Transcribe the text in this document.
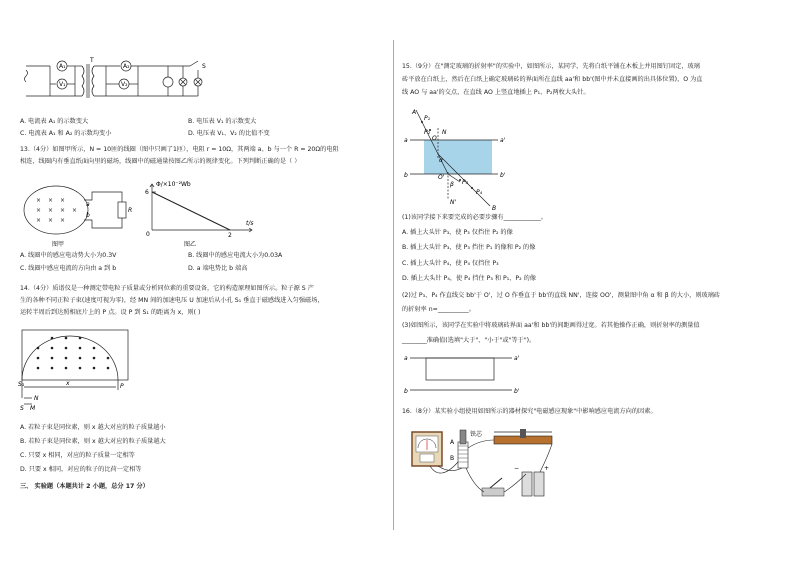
A₁
V₁
T
A₂
V₂
S
A. 电流表 A₁ 的示数变大	B. 电压表 V₁ 的示数变大
C. 电流表 A₁ 和 A₂ 的示数均变小	D. 电压表 V₁、V₂ 的比值不变
13.（4分）如图甲所示，N = 10匝的线圈（图中只画了1匝），电阻 r = 10Ω，其两端 a、b 与一个 R = 20Ω的电阻
相连，线圈内有垂直纸面向里的磁场，线圈中的磁通量按图乙所示的规律变化。下列判断正确的是（ ）
× × ×
× × ×
× × ×
×
a
b
R
图甲
Φ/×10⁻²Wb
6
0	2
t/s
图乙
A. 线圈中的感应电动势大小为0.3V	B. 线圈中的感应电流大小为0.03A
C. 线圈中感应电流的方向由 a 到 b	D. a 端电势比 b 端高
14.（4分）质谱仪是一种测定带电粒子质量或分析同位素的重要设备，它的构造原理如图所示。粒子源 S 产
生的各种不同正粒子束(速度可视为零)，经 MN 间的加速电压 U 加速后从小孔 S₁ 垂直于磁感线进入匀强磁场，
运转半周后到达照相底片上的 P 点。设 P 到 S₁ 的距离为 x，则( )
S₁	x	P
N
S M
A. 若粒子束是同位素，则 x 越大对应的粒子质量越小
B. 若粒子束是同位素，则 x 越大对应的粒子质量越大
C. 只要 x 相同，对应的粒子质量一定相等
D. 只要 x 相同，对应的粒子的比荷一定相等
三、 实验题（本题共计 2 小题，总分 17 分）
15.（9分）在"测定玻璃的折射率"的实验中，如图所示，某同学，先将白纸平铺在木板上并用图钉固定，玻璃
砖平放在白纸上，然后在白纸上确定玻璃砖的界面所在直线 aa'和 bb'(图中并未直接画的出具体位置)，O 为直
线 AO 与 aa'的交点，在直线 AO 上竖直地插上 P₁、P₂两枚大头针。
A
P₁
P₂ N
a	a'
O
α
b	b'
O'
β P₃
P₄
N'
B
(1)该同学接下来要完成的必要步骤有____________。
A. 插上大头针 P₃，使 P₃ 仅挡住 P₂ 的像
B. 插上大头针 P₃，使 P₃ 挡住 P₁ 的像和 P₂ 的像
C. 插上大头针 P₄，使 P₄ 仅挡住 P₃
D. 插上大头针 P₄，使 P₄ 挡住 P₃ 和 P₁、P₂ 的像
(2)过 P₃、P₄ 作直线交 bb'于 O'，过 O 作垂直于 bb'的直线 NN'，连接 OO'，测量图中角 α 和 β 的大小，则玻璃砖
的折射率 n=__________。
(3)如图所示，该同学在实验中将玻璃砖界面 aa'和 bb'的间距画得过宽。若其他操作正确，则折射率的测量值
________准确值(选填"大于"、"小于"或"等于")。
a	a'
b	b'
16.（8分）某实验小组使用如图所示的器材探究"电磁感应现象"中影响感应电流方向的因素。
铁芯
A
B
−	+
